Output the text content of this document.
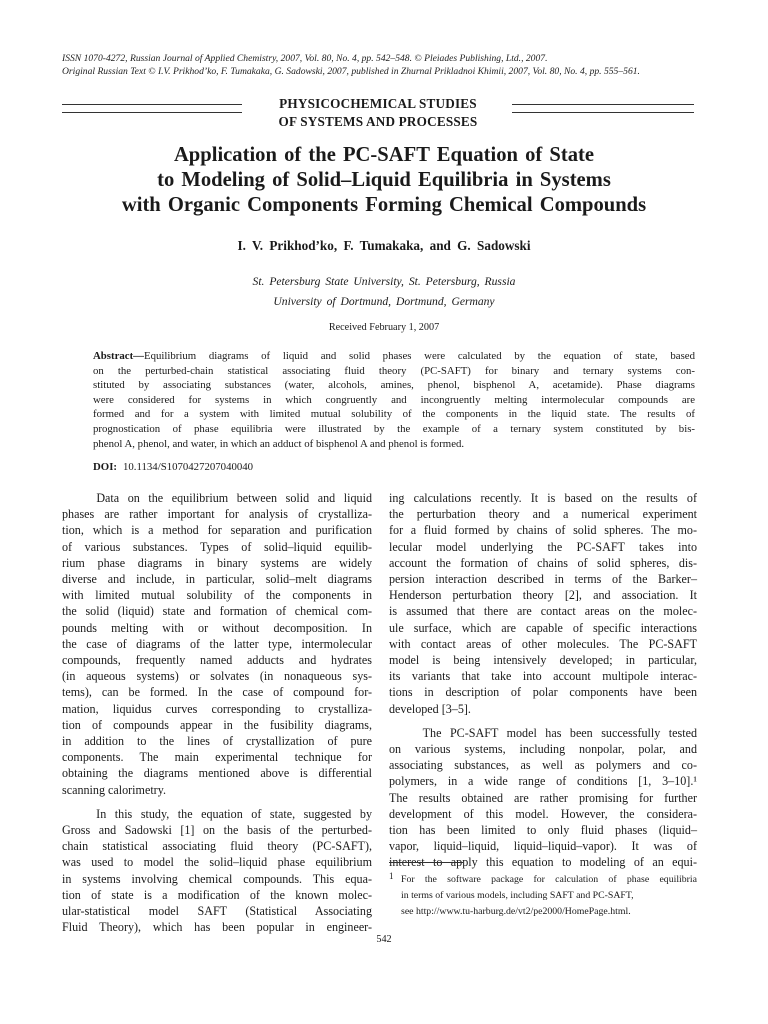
ISSN 1070-4272, Russian Journal of Applied Chemistry, 2007, Vol. 80, No. 4, pp. 542–548. © Pleiades Publishing, Ltd., 2007.
Original Russian Text © I.V. Prikhod’ko, F. Tumakaka, G. Sadowski, 2007, published in Zhurnal Prikladnoi Khimii, 2007, Vol. 80, No. 4, pp. 555–561.
PHYSICOCHEMICAL STUDIES
OF SYSTEMS AND PROCESSES
Application of the PC-SAFT Equation of State
to Modeling of Solid–Liquid Equilibria in Systems
with Organic Components Forming Chemical Compounds
I. V. Prikhod’ko, F. Tumakaka, and G. Sadowski
St. Petersburg State University, St. Petersburg, Russia
University of Dortmund, Dortmund, Germany
Received February 1, 2007
Abstract—Equilibrium diagrams of liquid and solid phases were calculated by the equation of state, based
on the perturbed-chain statistical associating fluid theory (PC-SAFT) for binary and ternary systems con-
stituted by associating substances (water, alcohols, amines, phenol, bisphenol A, acetamide). Phase diagrams
were considered for systems in which congruently and incongruently melting intermolecular compounds are
formed and for a system with limited mutual solubility of the components in the liquid state. The results of
prognostication of phase equilibria were illustrated by the example of a ternary system constituted by bis-
phenol A, phenol, and water, in which an adduct of bisphenol A and phenol is formed.
DOI: 10.1134/S1070427207040040

Data on the equilibrium between solid and liquid
phases are rather important for analysis of crystalliza-
tion, which is a method for separation and purification
of various substances. Types of solid–liquid equilib-
rium phase diagrams in binary systems are widely
diverse and include, in particular, solid–melt diagrams
with limited mutual solubility of the components in
the solid (liquid) state and formation of chemical com-
pounds melting with or without decomposition. In
the case of diagrams of the latter type, intermolecular
compounds, frequently named adducts and hydrates
(in aqueous systems) or solvates (in nonaqueous sys-
tems), can be formed. In the case of compound for-
mation, liquidus curves corresponding to crystalliza-
tion of compounds appear in the fusibility diagrams,
in addition to the lines of crystallization of pure
components. The main experimental technique for
obtaining the diagrams mentioned above is differential
scanning calorimetry.

In this study, the equation of state, suggested by
Gross and Sadowski [1] on the basis of the perturbed-
chain statistical associating fluid theory (PC-SAFT),
was used to model the solid–liquid phase equilibrium
in systems involving chemical compounds. This equa-
tion of state is a modification of the known molec-
ular-statistical model SAFT (Statistical Associating
Fluid Theory), which has been popular in engineer-

ing calculations recently. It is based on the results of
the perturbation theory and a numerical experiment
for a fluid formed by chains of solid spheres. The mo-
lecular model underlying the PC-SAFT takes into
account the formation of chains of solid spheres, dis-
persion interaction described in terms of the Barker–
Henderson perturbation theory [2], and association. It
is assumed that there are contact areas on the molec-
ule surface, which are capable of specific interactions
with contact areas of other molecules. The PC-SAFT
model is being intensively developed; in particular,
its variants that take into account multipole interac-
tions in description of polar components have been
developed [3–5].

The PC-SAFT model has been successfully tested
on various systems, including nonpolar, polar, and
associating substances, as well as polymers and co-
polymers, in a wide range of conditions [1, 3–10].¹
The results obtained are rather promising for further
development of this model. However, the considera-
tion has been limited to only fluid phases (liquid–
vapor, liquid–liquid, liquid–liquid–vapor). It was of
interest to apply this equation to modeling of an equi-

1 For the software package for calculation of phase equilibria
in terms of various models, including SAFT and PC-SAFT,
see http://www.tu-harburg.de/vt2/pe2000/HomePage.html.
542
